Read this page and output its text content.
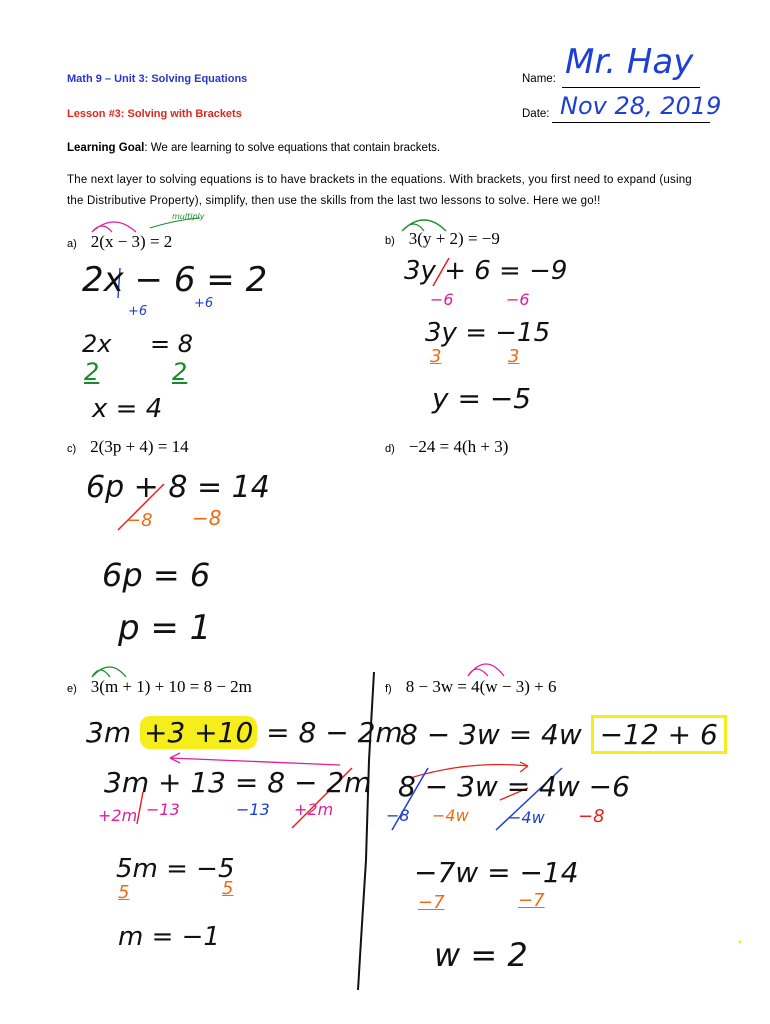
Math 9 – Unit 3: Solving Equations
Lesson #3: Solving with Brackets
Name: Mr. Hay
Date: Nov 28, 2019
Learning Goal: We are learning to solve equations that contain brackets.
The next layer to solving equations is to have brackets in the equations. With brackets, you first need to expand (using the Distributive Property), simplify, then use the skills from the last two lessons to solve. Here we go!!
multiply
a) 2(x − 3) = 2
2x − 6 = 2
+6
+6
2x = 8
2	2
x = 4
b) 3(y + 2) = −9
3y + 6 = −9
−6	−6
3y = −15
3	3
y = −5
c) 2(3p + 4) = 14
6p + 8 = 14
−8 −8
6p = 6
p = 1
d) −24 = 4(h + 3)
e) 3(m + 1) + 10 = 8 − 2m
3m +3 +10 = 8 − 2m
3m + 13 = 8 − 2m
+2m −13	−13 +2m
5m = −5
5	5
m = −1
f) 8 − 3w = 4(w − 3) + 6
8 − 3w = 4w −12 + 6
8 − 3w = 4w −6
−8 −4w −4w −8
−7w = −14
−7	−7
w = 2
